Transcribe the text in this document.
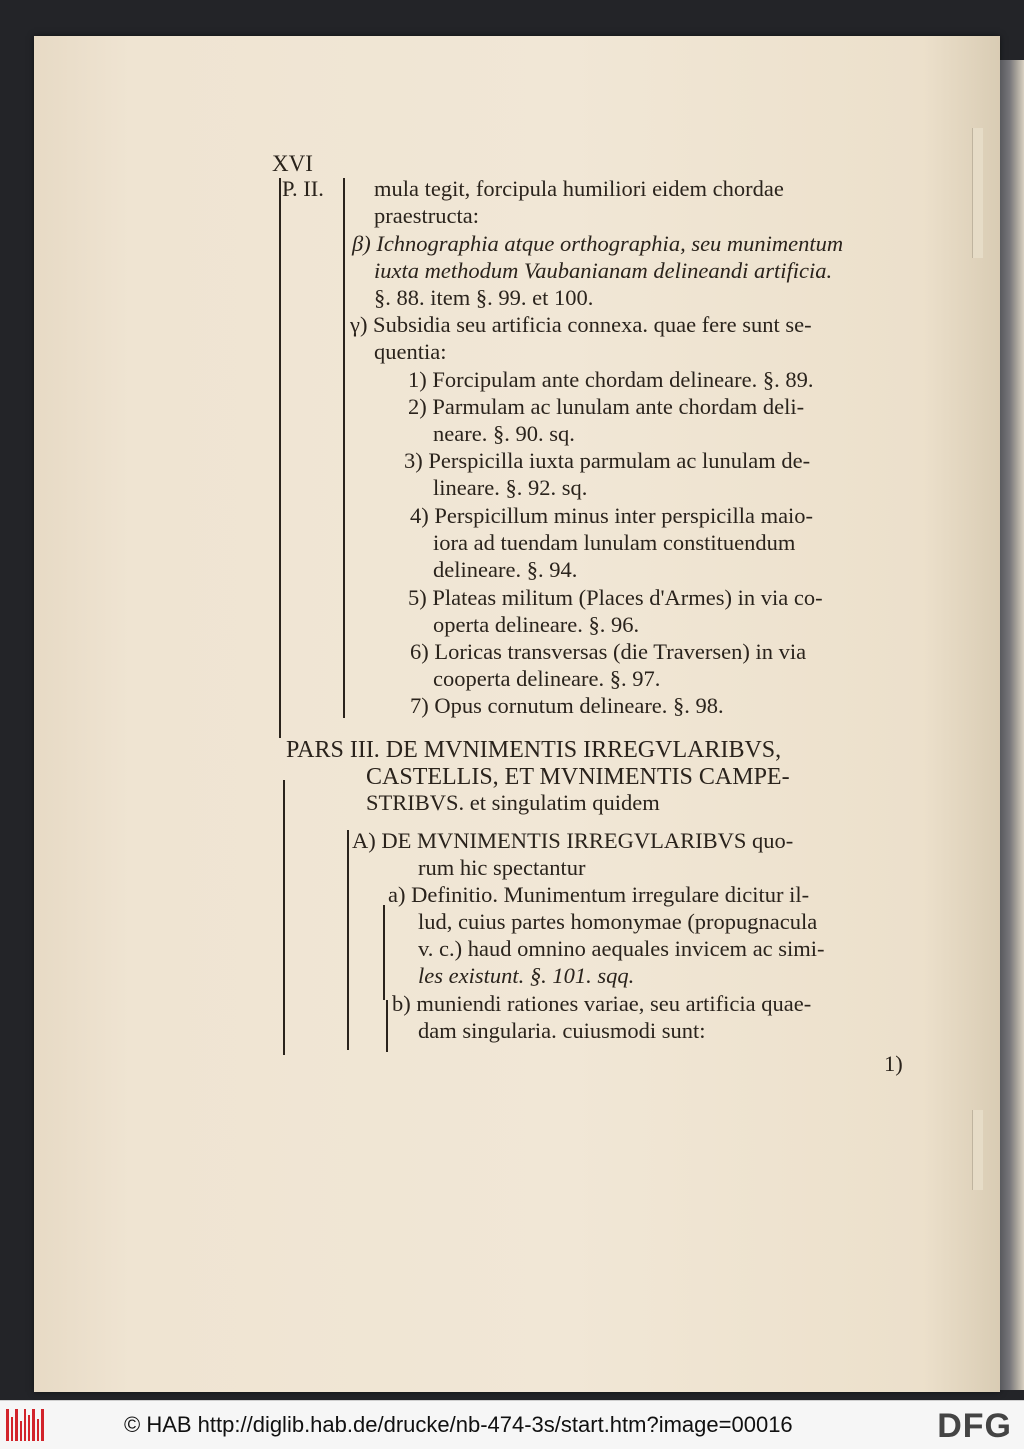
XVI
P. II. mula tegit, forcipula humiliori eidem chordae
praestructa:
β) Ichnographia atque orthographia, seu munimentum
iuxta methodum Vaubanianam delineandi artificia.
§. 88. item §. 99. et 100.
γ) Subsidia seu artificia connexa. quae fere sunt se-
quentia:
1) Forcipulam ante chordam delineare. §. 89.
2) Parmulam ac lunulam ante chordam deli-
neare. §. 90. sq.
3) Perspicilla iuxta parmulam ac lunulam de-
lineare. §. 92. sq.
4) Perspicillum minus inter perspicilla maio-
iora ad tuendam lunulam constituendum
delineare. §. 94.
5) Plateas militum (Places d'Armes) in via co-
operta delineare. §. 96.
6) Loricas transversas (die Traversen) in via
cooperta delineare. §. 97.
7) Opus cornutum delineare. §. 98.
PARS III. DE MVNIMENTIS IRREGVLARIBVS,
CASTELLIS, ET MVNIMENTIS CAMPE-
STRIBVS. et singulatim quidem
A) DE MVNIMENTIS IRREGVLARIBVS quo-
rum hic spectantur
a) Definitio. Munimentum irregulare dicitur il-
lud, cuius partes homonymae (propugnacula
v. c.) haud omnino aequales invicem ac simi-
les existunt. §. 101. sqq.
b) muniendi rationes variae, seu artificia quae-
dam singularia. cuiusmodi sunt:
1)
© HAB http://diglib.hab.de/drucke/nb-474-3s/start.htm?image=00016	DFG
